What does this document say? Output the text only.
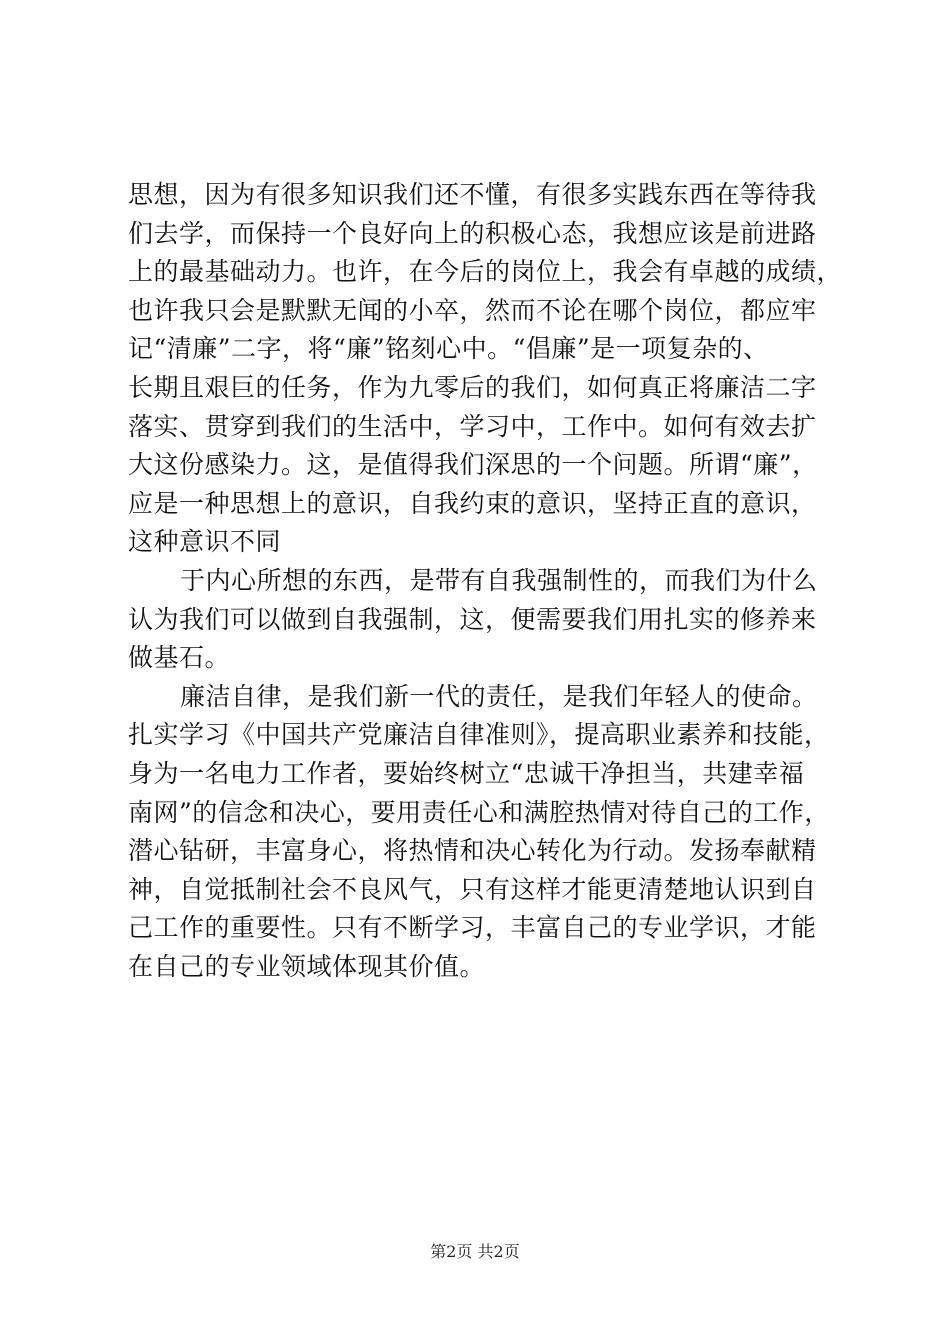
思想，因为有很多知识我们还不懂，有很多实践东西在等待我
们去学，而保持一个良好向上的积极心态，我想应该是前进路
上的最基础动力。也许，在今后的岗位上，我会有卓越的成绩，
也许我只会是默默无闻的小卒，然而不论在哪个岗位，都应牢
记“清廉”二字，将“廉”铭刻心中。“倡廉”是一项复杂的、
长期且艰巨的任务，作为九零后的我们，如何真正将廉洁二字
落实、贯穿到我们的生活中，学习中，工作中。如何有效去扩
大这份感染力。这，是值得我们深思的一个问题。所谓“廉”，
应是一种思想上的意识，自我约束的意识，坚持正直的意识，
这种意识不同
于内心所想的东西，是带有自我强制性的，而我们为什么
认为我们可以做到自我强制，这，便需要我们用扎实的修养来
做基石。
廉洁自律，是我们新一代的责任，是我们年轻人的使命。
扎实学习《中国共产党廉洁自律准则》，提高职业素养和技能，
身为一名电力工作者，要始终树立“忠诚干净担当，共建幸福
南网”的信念和决心，要用责任心和满腔热情对待自己的工作，
潜心钻研，丰富身心，将热情和决心转化为行动。发扬奉献精
神，自觉抵制社会不良风气，只有这样才能更清楚地认识到自
己工作的重要性。只有不断学习，丰富自己的专业学识，才能
在自己的专业领域体现其价值。
第2页 共2页
